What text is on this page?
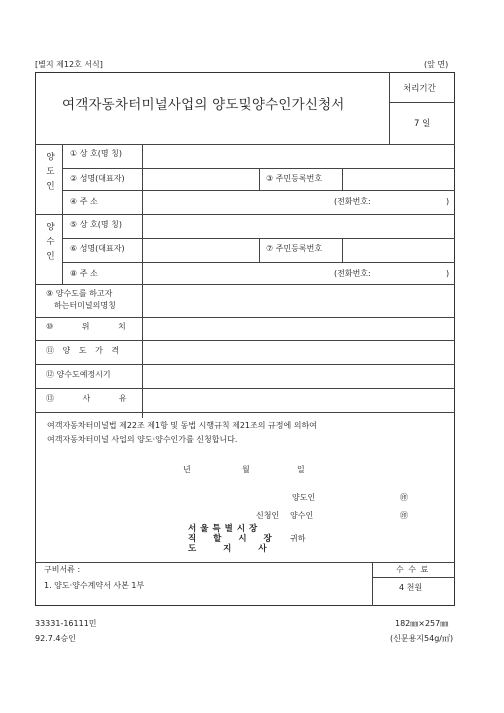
[별지 제12호 서식]	(앞 면)
여객자동차터미널사업의 양도및양수인가신청서
처리기간
7 일
양도인 ① 상 호(명 칭)
② 성명(대표자)	③ 주민등록번호
④ 주 소	(전화번호:	)
양수인 ⑤ 상 호(명 칭)
⑥ 성명(대표자)	⑦ 주민등록번호
⑧ 주 소	(전화번호:	)
⑨ 양수도를 하고자
하는터미널의명칭
⑩ 위 치
⑪ 양 도 가 격
⑫ 양수도예정시기
⑬ 사 유
여객자동차터미널법 제22조 제1항 및 동법 시행규칙 제21조의 규정에 의하여
여객자동차터미널 사업의 양도·양수인가를 신청합니다.
년	월	일
양도인	㊞
신청인 양수인	㊞
서울특별시장
직 할 시 장
도 지 사
귀하
구비서류 :
1. 양도·양수계약서 사본 1부
수 수 료
4 천원
33331-16111민
92.7.4승인
182㎜×257㎜
(신문용지54g/㎡)
